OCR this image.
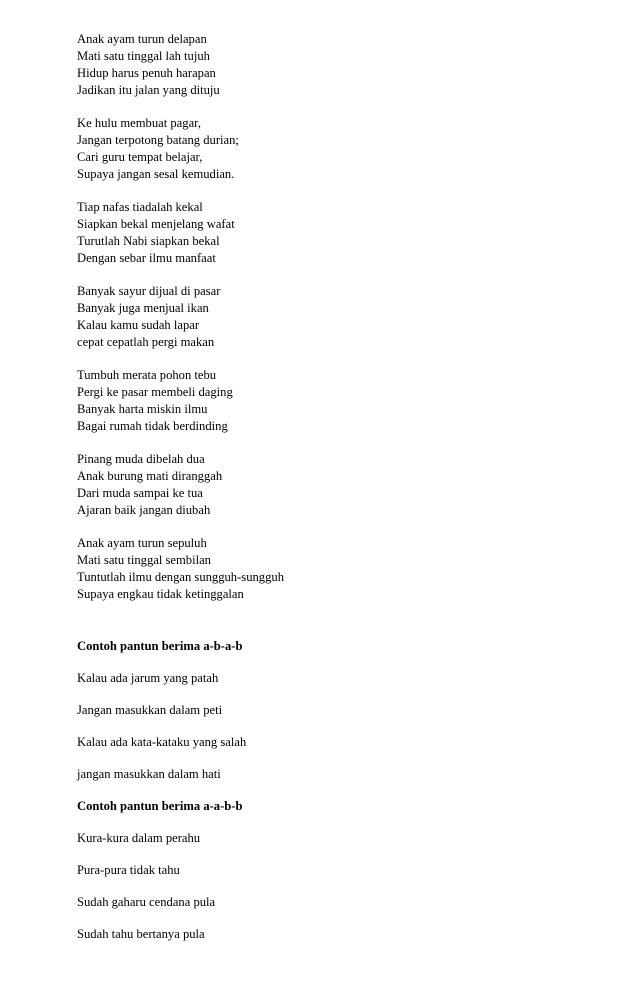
Anak ayam turun delapan
Mati satu tinggal lah tujuh
Hidup harus penuh harapan
Jadikan itu jalan yang dituju
Ke hulu membuat pagar,
Jangan terpotong batang durian;
Cari guru tempat belajar,
Supaya jangan sesal kemudian.
Tiap nafas tiadalah kekal
Siapkan bekal menjelang wafat
Turutlah Nabi siapkan bekal
Dengan sebar ilmu manfaat
Banyak sayur dijual di pasar
Banyak juga menjual ikan
Kalau kamu sudah lapar
cepat cepatlah pergi makan
Tumbuh merata pohon tebu
Pergi ke pasar membeli daging
Banyak harta miskin ilmu
Bagai rumah tidak berdinding
Pinang muda dibelah dua
Anak burung mati diranggah
Dari muda sampai ke tua
Ajaran baik jangan diubah
Anak ayam turun sepuluh
Mati satu tinggal sembilan
Tuntutlah ilmu dengan sungguh-sungguh
Supaya engkau tidak ketinggalan
Contoh pantun berima a-b-a-b
Kalau ada jarum yang patah
Jangan masukkan dalam peti
Kalau ada kata-kataku yang salah
jangan masukkan dalam hati
Contoh pantun berima a-a-b-b
Kura-kura dalam perahu
Pura-pura tidak tahu
Sudah gaharu cendana pula
Sudah tahu bertanya pula
